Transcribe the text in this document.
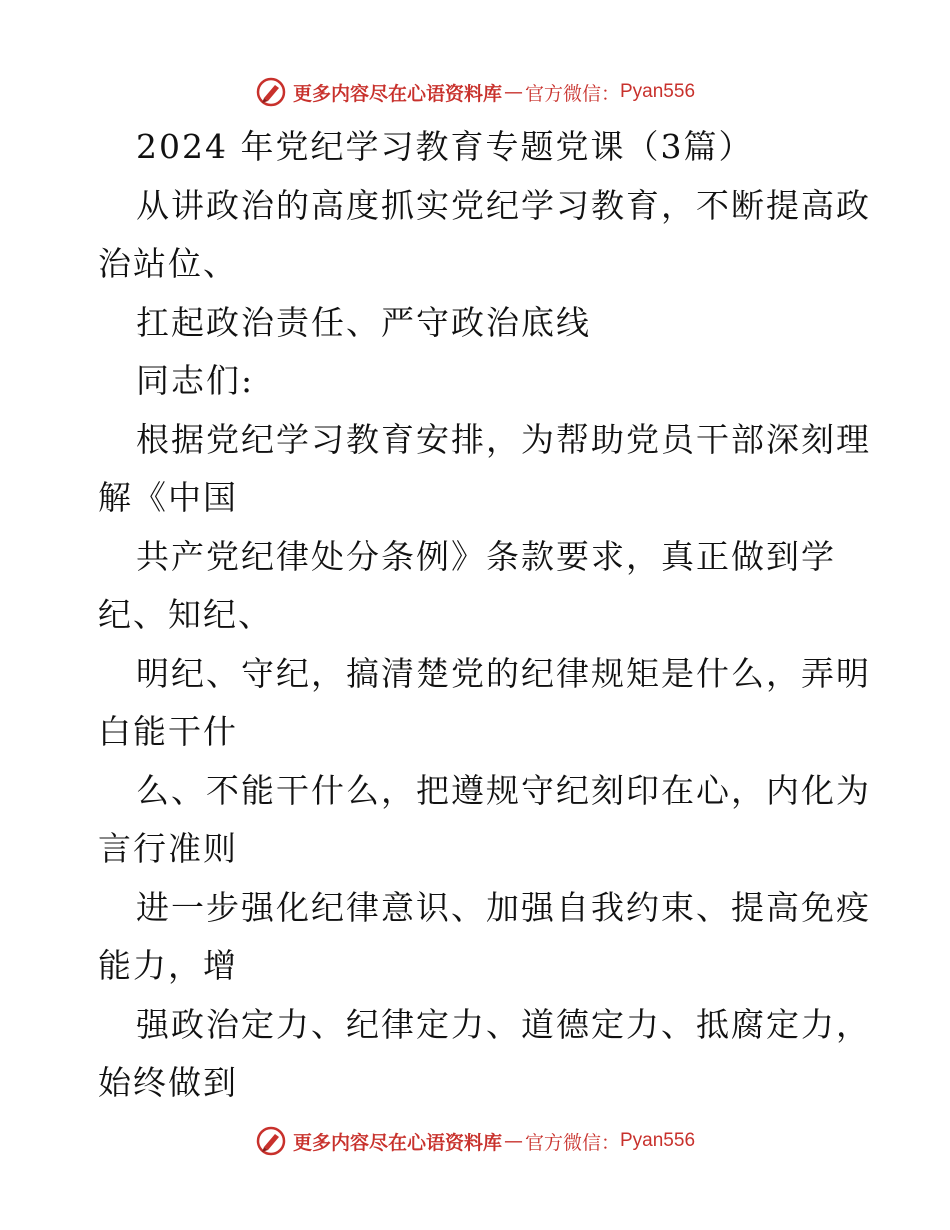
更多内容尽在心语资料库 — 官方微信： Pyan556
2024 年党纪学习教育专题党课（3篇）
从讲政治的高度抓实党纪学习教育，不断提高政
治站位、
扛起政治责任、严守政治底线
同志们:
根据党纪学习教育安排，为帮助党员干部深刻理
解《中国
共产党纪律处分条例》条款要求，真正做到学
纪、知纪、
明纪、守纪，搞清楚党的纪律规矩是什么，弄明
白能干什
么、不能干什么，把遵规守纪刻印在心，内化为
言行准则
进一步强化纪律意识、加强自我约束、提高免疫
能力，增
强政治定力、纪律定力、道德定力、抵腐定力，
始终做到
更多内容尽在心语资料库 — 官方微信： Pyan556
